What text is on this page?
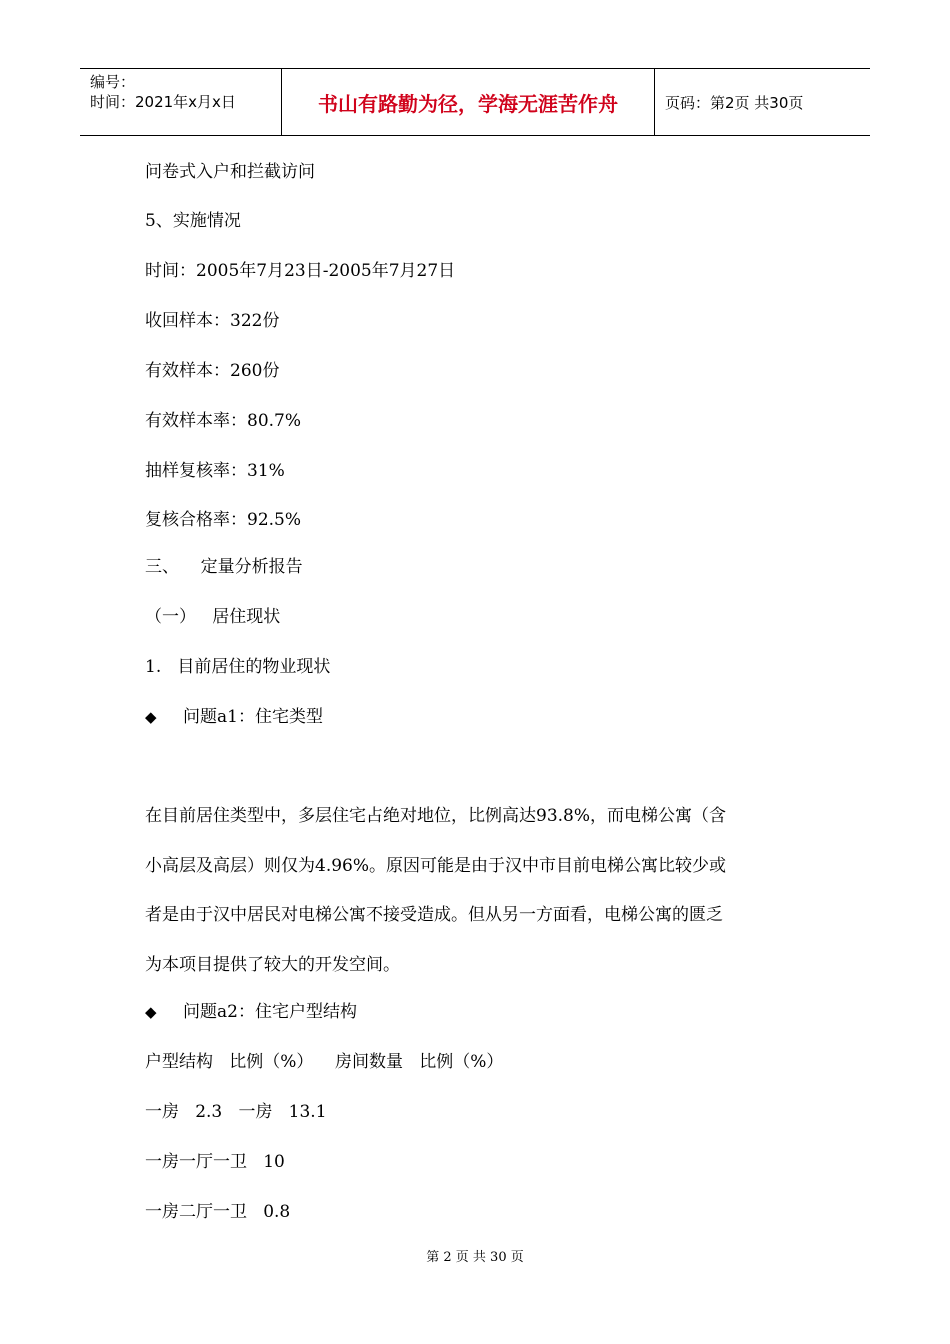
编号：
时间：2021年x月x日	书山有路勤为径，学海无涯苦作舟	页码：第2页 共30页
问卷式入户和拦截访问
5、实施情况
时间：2005年7月23日-2005年7月27日
收回样本：322份
有效样本：260份
有效样本率：80.7%
抽样复核率：31%
复核合格率：92.5%
三、    定量分析报告
（一）   居住现状
1.   目前居住的物业现状
◆ 问题a1：住宅类型
在目前居住类型中，多层住宅占绝对地位，比例高达93.8%，而电梯公寓（含
小高层及高层）则仅为4.96%。原因可能是由于汉中市目前电梯公寓比较少或
者是由于汉中居民对电梯公寓不接受造成。但从另一方面看，电梯公寓的匮乏
为本项目提供了较大的开发空间。
◆ 问题a2：住宅户型结构
户型结构   比例（%）    房间数量   比例（%）
一房   2.3   一房   13.1
一房一厅一卫   10
一房二厅一卫   0.8
第 2 页 共 30 页
